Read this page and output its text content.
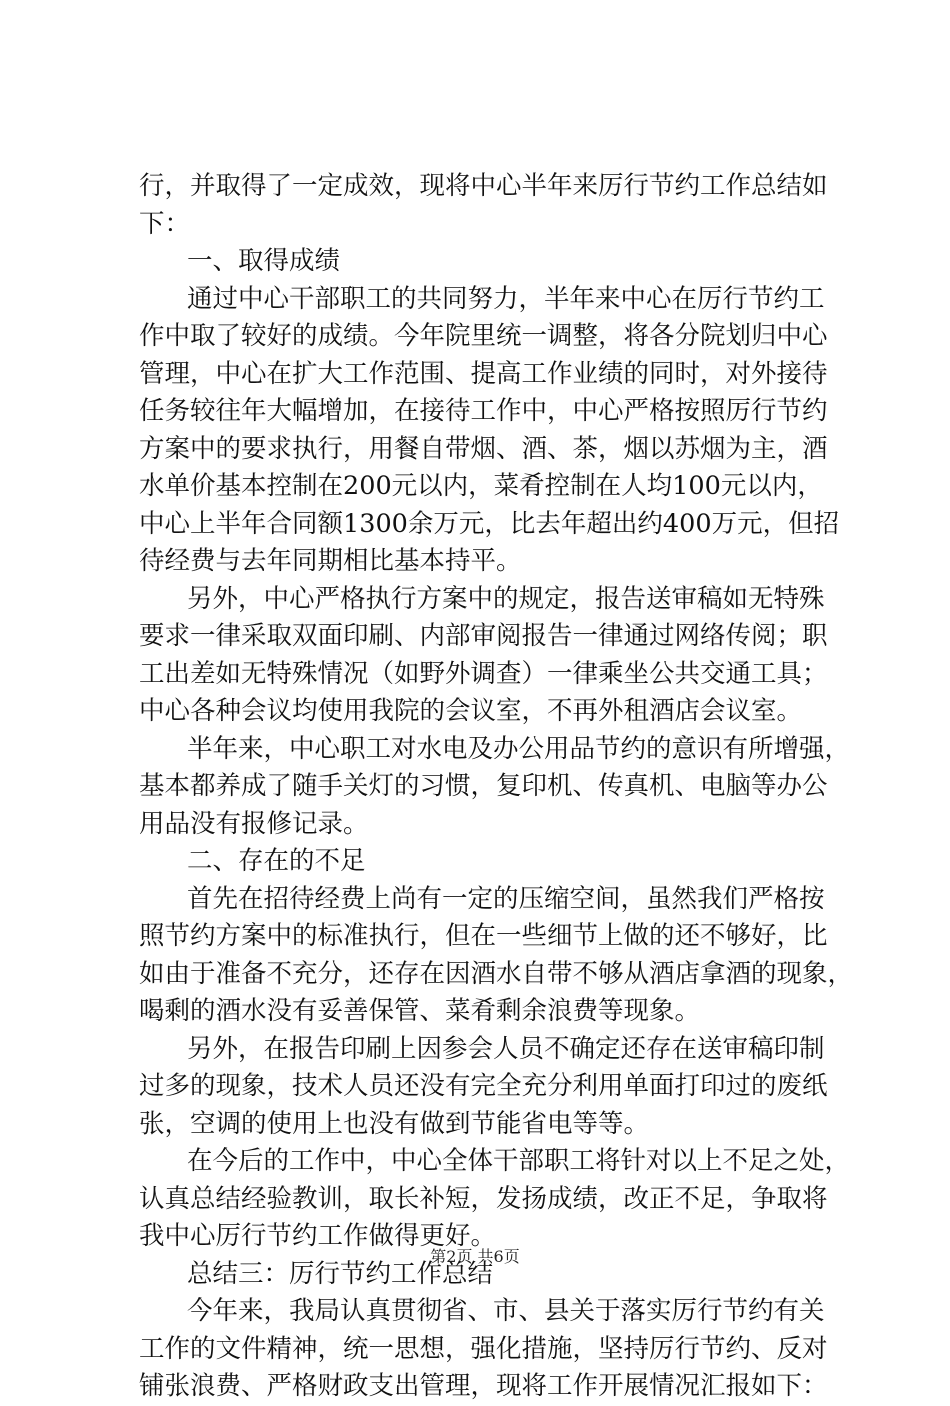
行，并取得了一定成效，现将中心半年来厉行节约工作总结如
下：
一、取得成绩
通过中心干部职工的共同努力，半年来中心在厉行节约工
作中取了较好的成绩。今年院里统一调整，将各分院划归中心
管理，中心在扩大工作范围、提高工作业绩的同时，对外接待
任务较往年大幅增加，在接待工作中，中心严格按照厉行节约
方案中的要求执行，用餐自带烟、酒、茶，烟以苏烟为主，酒
水单价基本控制在200元以内，菜肴控制在人均100元以内，
中心上半年合同额1300余万元，比去年超出约400万元，但招
待经费与去年同期相比基本持平。
另外，中心严格执行方案中的规定，报告送审稿如无特殊
要求一律采取双面印刷、内部审阅报告一律通过网络传阅；职
工出差如无特殊情况（如野外调查）一律乘坐公共交通工具；
中心各种会议均使用我院的会议室，不再外租酒店会议室。
半年来，中心职工对水电及办公用品节约的意识有所增强，
基本都养成了随手关灯的习惯，复印机、传真机、电脑等办公
用品没有报修记录。
二、存在的不足
首先在招待经费上尚有一定的压缩空间，虽然我们严格按
照节约方案中的标准执行，但在一些细节上做的还不够好，比
如由于准备不充分，还存在因酒水自带不够从酒店拿酒的现象，
喝剩的酒水没有妥善保管、菜肴剩余浪费等现象。
另外，在报告印刷上因参会人员不确定还存在送审稿印制
过多的现象，技术人员还没有完全充分利用单面打印过的废纸
张，空调的使用上也没有做到节能省电等等。
在今后的工作中，中心全体干部职工将针对以上不足之处，
认真总结经验教训，取长补短，发扬成绩，改正不足，争取将
我中心厉行节约工作做得更好。
总结三：厉行节约工作总结
今年来，我局认真贯彻省、市、县关于落实厉行节约有关
工作的文件精神，统一思想，强化措施，坚持厉行节约、反对
铺张浪费、严格财政支出管理，现将工作开展情况汇报如下：
第2页 共6页
